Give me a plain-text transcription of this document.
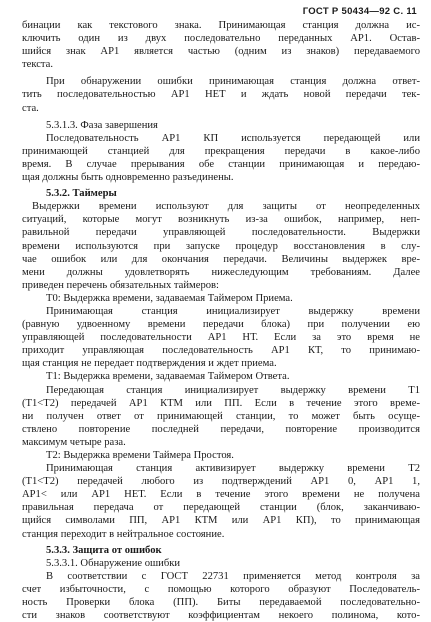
ГОСТ Р 50434—92 С. 11
бинации как текстового знака. Принимающая станция должна ис-
ключить один из двух последовательно переданных АР1. Остав-
шийся знак АР1 является частью (одним из знаков) передаваемого
текста.
При обнаружении ошибки принимающая станция должна ответ-
тить последовательностью АР1 НЕТ и ждать новой передачи тек-
ста.
5.3.1.3. Фаза завершения
Последовательность АР1 КП используется передающей или
принимающей станцией для прекращения передачи в какое-либо
время. В случае прерывания обе станции принимающая и передаю-
щая должны быть одновременно разъединены.
5.3.2. Таймеры
Выдержки времени используют для защиты от неопределенных
ситуаций, которые могут возникнуть из-за ошибок, например, неп-
равильной передачи управляющей последовательности. Выдержки
времени используются при запуске процедур восстановления в слу-
чае ошибок или для окончания передачи. Величины выдержек вре-
мени должны удовлетворять нижеследующим требованиям. Далее
приведен перечень обязательных таймеров:
Т0: Выдержка времени, задаваемая Таймером Приема.
Принимающая станция инициализирует выдержку времени
(равную удвоенному времени передачи блока) при получении ею
управляющей последовательности АР1 НТ. Если за это время не
приходит управляющая последовательность АР1 КТ, то принимаю-
щая станция не передает подтверждения и ждет приема.
Т1: Выдержка времени, задаваемая Таймером Ответа.
Передающая станция инициализирует выдержку времени Т1
(Т1<Т2) передачей АР1 КТМ или ПП. Если в течение этого време-
ни получен ответ от принимающей станции, то может быть осуще-
ствлено повторение последней передачи, повторение производится
максимум четыре раза.
Т2: Выдержка времени Таймера Простоя.
Принимающая станция активизирует выдержку времени Т2
(Т1<Т2) передачей любого из подтверждений АР1 0, АР1 1,
АР1< или АР1 НЕТ. Если в течение этого времени не получена
правильная передача от передающей станции (блок, заканчиваю-
щийся символами ПП, АР1 КТМ или АР1 КП), то принимающая
станция переходит в нейтральное состояние.
5.3.3. Защита от ошибок
5.3.3.1. Обнаружение ошибки
В соответствии с ГОСТ 22731 применяется метод контроля за
счет избыточности, с помощью которого образуют Последователь-
ность Проверки блока (ПП). Биты передаваемой последовательно-
сти знаков соответствуют коэффициентам некоего полинома, кото-
